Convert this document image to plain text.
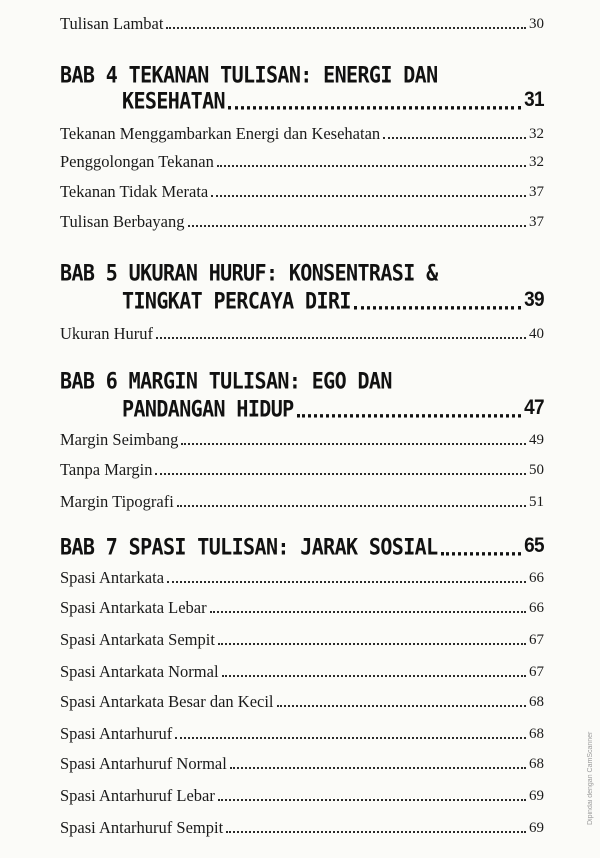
Tulisan Lambat	30
BAB 4 TEKANAN TULISAN: ENERGI DAN
KESEHATAN	31
Tekanan Menggambarkan Energi dan Kesehatan	32
Penggolongan Tekanan	32
Tekanan Tidak Merata	37
Tulisan Berbayang	37
BAB 5 UKURAN HURUF: KONSENTRASI &
TINGKAT PERCAYA DIRI	39
Ukuran Huruf	40
BAB 6 MARGIN TULISAN: EGO DAN
PANDANGAN HIDUP	47
Margin Seimbang	49
Tanpa Margin	50
Margin Tipografi	51
BAB 7 SPASI TULISAN: JARAK SOSIAL	65
Spasi Antarkata	66
Spasi Antarkata Lebar	66
Spasi Antarkata Sempit	67
Spasi Antarkata Normal	67
Spasi Antarkata Besar dan Kecil	68
Spasi Antarhuruf	68
Spasi Antarhuruf Normal	68
Spasi Antarhuruf Lebar	69
Spasi Antarhuruf Sempit	69
Dipindai dengan CamScanner
